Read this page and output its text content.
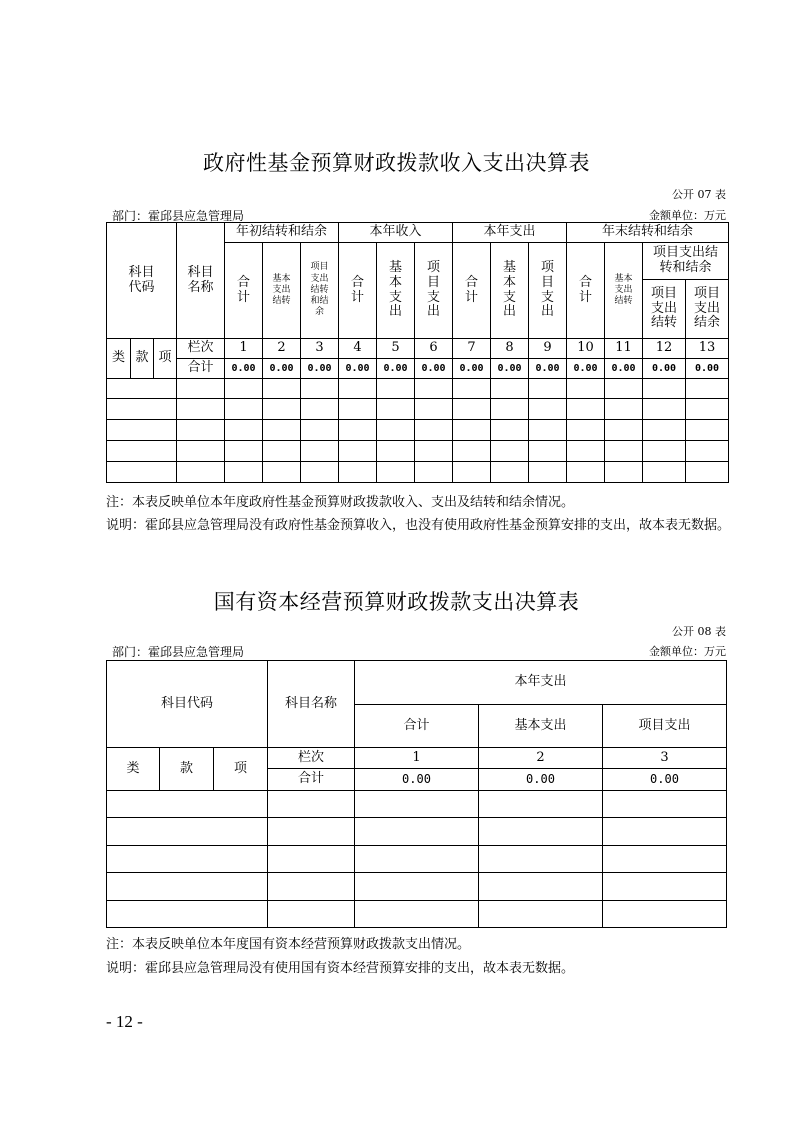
政府性基金预算财政拨款收入支出决算表
公开 07 表
部门：霍邱县应急管理局	金额单位：万元
科目代码			科目名称	年初结转和结余			本年收入			本年支出			年末结转和结余			
				合计	基本支出结转	项目支出结转和结余	合计	基本支出	项目支出	合计	基本支出	项目支出	合计	基本支出结转	项目支出结转和结余	
															项目支出结转	项目支出结余
类	款	项	栏次	1	2	3	4	5	6	7	8	9	10	11	12	13
			合计	0.00	0.00	0.00	0.00	0.00	0.00	0.00	0.00	0.00	0.00	0.00	0.00	0.00

注：本表反映单位本年度政府性基金预算财政拨款收入、支出及结转和结余情况。

说明：霍邱县应急管理局没有政府性基金预算收入，也没有使用政府性基金预算安排的支出，故本表无数据。

国有资本经营预算财政拨款支出决算表
公开 08 表
部门：霍邱县应急管理局	金额单位：万元
科目代码			科目名称	本年支出		
				合计	基本支出	项目支出
类	款	项	栏次	1	2	3
			合计	0.00	0.00	0.00

注：本表反映单位本年度国有资本经营预算财政拨款支出情况。

说明：霍邱县应急管理局没有使用国有资本经营预算安排的支出，故本表无数据。

- 12 -
